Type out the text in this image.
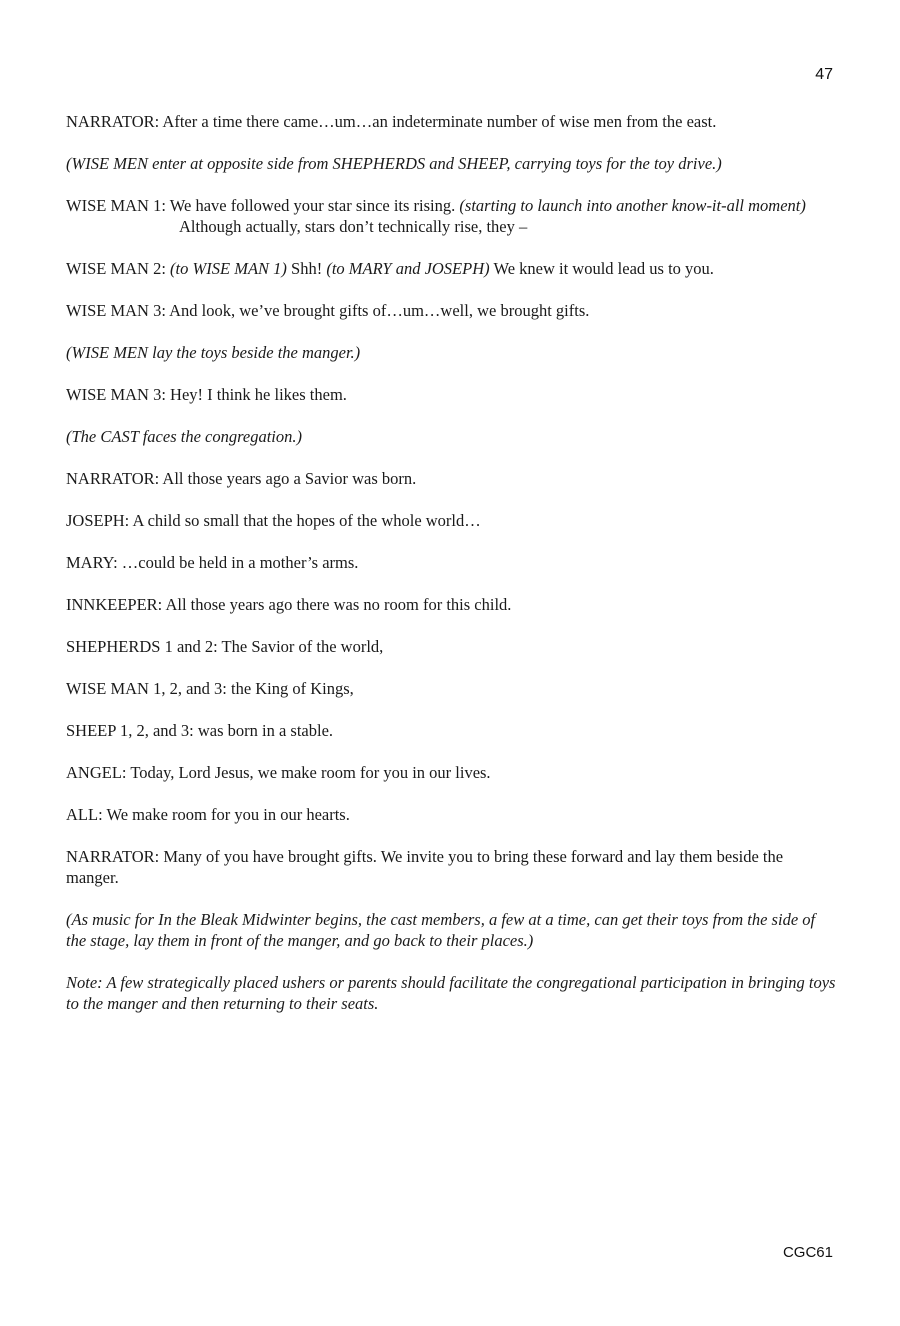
47

NARRATOR: After a time there came…um…an indeterminate number of wise men from the east.

(WISE MEN enter at opposite side from SHEPHERDS and SHEEP, carrying toys for the toy drive.)

WISE MAN 1: We have followed your star since its rising. (starting to launch into another know-it-all moment) Although actually, stars don’t technically rise, they –

WISE MAN 2: (to WISE MAN 1) Shh! (to MARY and JOSEPH) We knew it would lead us to you.

WISE MAN 3: And look, we’ve brought gifts of…um…well, we brought gifts.

(WISE MEN lay the toys beside the manger.)

WISE MAN 3: Hey! I think he likes them.

(The CAST faces the congregation.)

NARRATOR: All those years ago a Savior was born.

JOSEPH: A child so small that the hopes of the whole world…

MARY: …could be held in a mother’s arms.

INNKEEPER: All those years ago there was no room for this child.

SHEPHERDS 1 and 2: The Savior of the world,

WISE MAN 1, 2, and 3: the King of Kings,

SHEEP 1, 2, and 3: was born in a stable.

ANGEL: Today, Lord Jesus, we make room for you in our lives.

ALL: We make room for you in our hearts.

NARRATOR: Many of you have brought gifts. We invite you to bring these forward and lay them beside the manger.

(As music for In the Bleak Midwinter begins, the cast members, a few at a time, can get their toys from the side of the stage, lay them in front of the manger, and go back to their places.)

Note: A few strategically placed ushers or parents should facilitate the congregational participation in bringing toys to the manger and then returning to their seats.

CGC61
